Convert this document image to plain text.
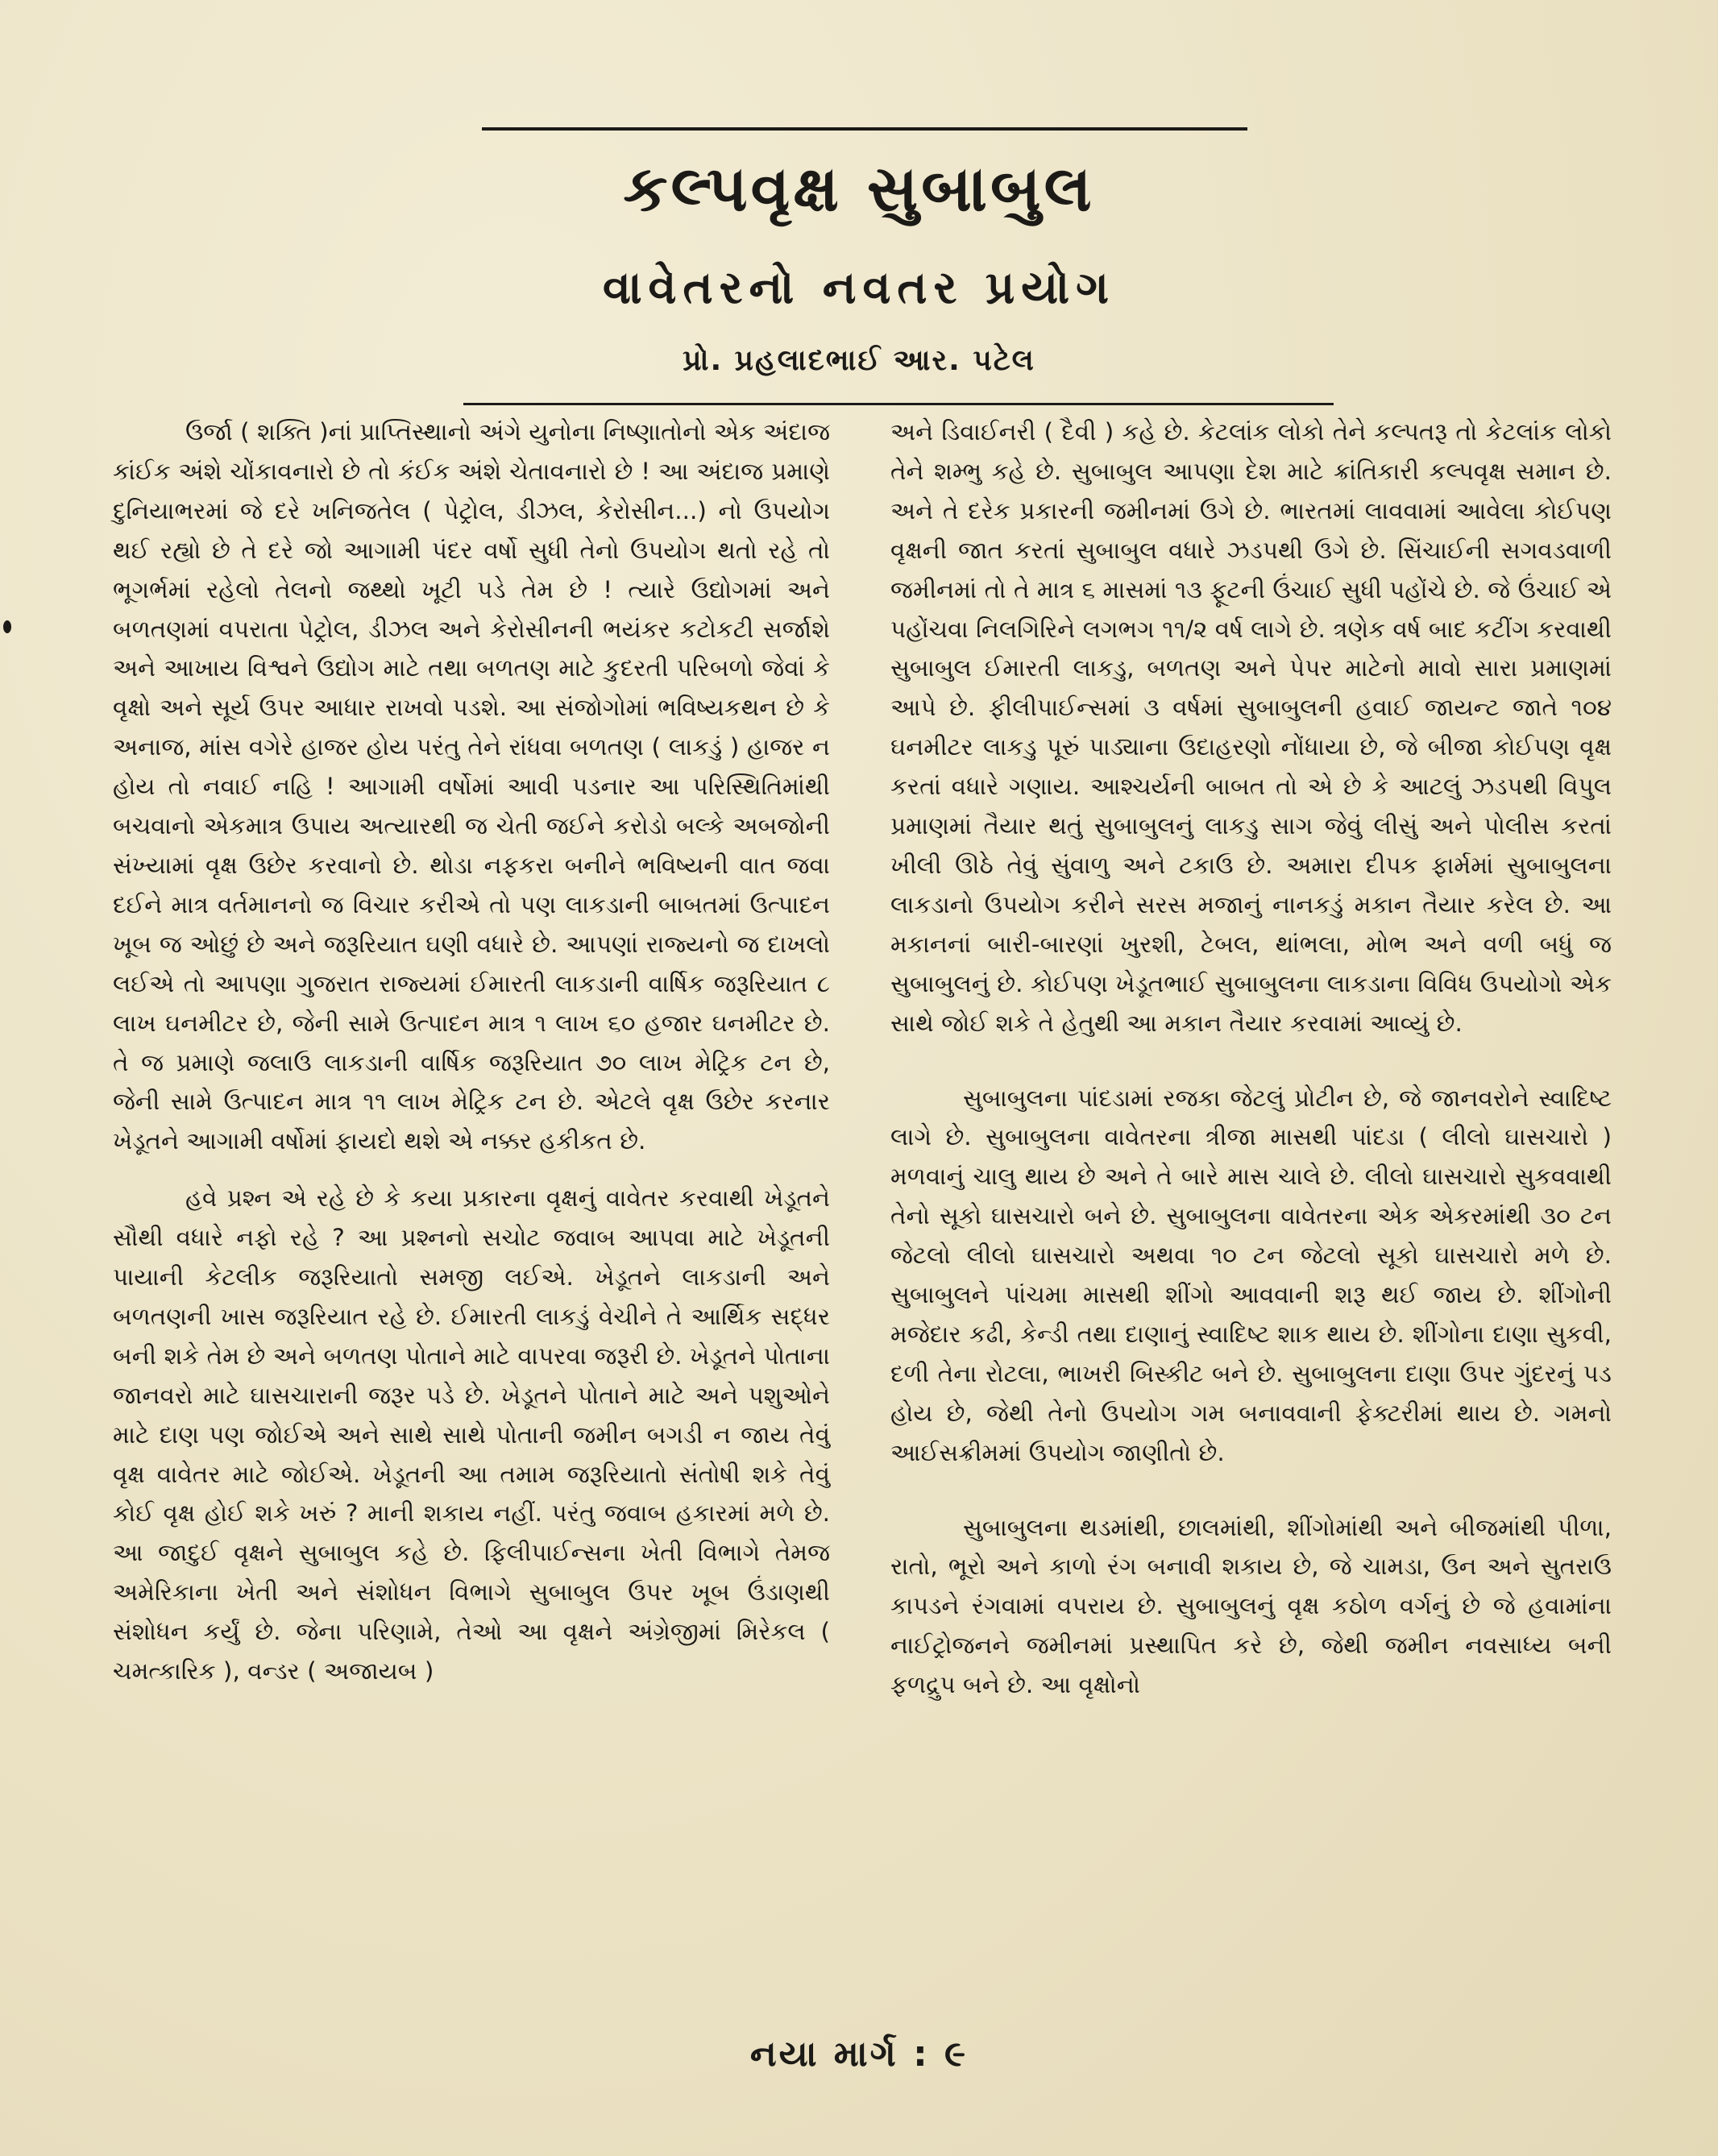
કલ્પવૃક્ષ સુબાબુલ
વાવેતરનો નવતર પ્રયોગ
પ્રો. પ્રહલાદભાઈ આર. પટેલ

ઉર્જા ( શક્તિ )નાં પ્રાપ્તિસ્થાનો અંગે યુનોના નિષ્ણાતોનો એક અંદાજ કાંઈક અંશે ચોંકાવનારો છે તો કંઈક અંશે ચેતાવનારો છે ! આ અંદાજ પ્રમાણે દુનિયાભરમાં જે દરે ખનિજતેલ ( પેટ્રોલ, ડીઝલ, કેરોસીન...) નો ઉપયોગ થઈ રહ્યો છે તે દરે જો આગામી પંદર વર્ષો સુધી તેનો ઉપયોગ થતો રહે તો ભૂગર્ભમાં રહેલો તેલનો જથ્થો ખૂટી પડે તેમ છે ! ત્યારે ઉદ્યોગમાં અને બળતણમાં વપરાતા પેટ્રોલ, ડીઝલ અને કેરોસીનની ભયંકર કટોકટી સર્જાશે અને આખાય વિશ્વને ઉદ્યોગ માટે તથા બળતણ માટે કુદરતી પરિબળો જેવાં કે વૃક્ષો અને સૂર્ય ઉપર આધાર રાખવો પડશે. આ સંજોગોમાં ભવિષ્યકથન છે કે અનાજ, માંસ વગેરે હાજર હોય પરંતુ તેને રાંધવા બળતણ ( લાકડું ) હાજર ન હોય તો નવાઈ નહિ ! આગામી વર્ષોમાં આવી પડનાર આ પરિસ્થિતિમાંથી બચવાનો એકમાત્ર ઉપાય અત્યારથી જ ચેતી જઈને કરોડો બલ્કે અબજોની સંખ્યામાં વૃક્ષ ઉછેર કરવાનો છે. થોડા નફકરા બનીને ભવિષ્યની વાત જવા દઈને માત્ર વર્તમાનનો જ વિચાર કરીએ તો પણ લાકડાની બાબતમાં ઉત્પાદન ખૂબ જ ઓછું છે અને જરૂરિયાત ઘણી વધારે છે. આપણાં રાજ્યનો જ દાખલો લઈએ તો આપણા ગુજરાત રાજ્યમાં ઈમારતી લાકડાની વાર્ષિક જરૂરિયાત ૮ લાખ ઘનમીટર છે, જેની સામે ઉત્પાદન માત્ર ૧ લાખ ૬૦ હજાર ઘનમીટર છે. તે જ પ્રમાણે જલાઉ લાકડાની વાર્ષિક જરૂરિયાત ૭૦ લાખ મેટ્રિક ટન છે, જેની સામે ઉત્પાદન માત્ર ૧૧ લાખ મેટ્રિક ટન છે. એટલે વૃક્ષ ઉછેર કરનાર ખેડૂતને આગામી વર્ષોમાં ફાયદો થશે એ નક્કર હકીકત છે.

હવે પ્રશ્ન એ રહે છે કે કયા પ્રકારના વૃક્ષનું વાવેતર કરવાથી ખેડૂતને સૌથી વધારે નફો રહે ? આ પ્રશ્નનો સચોટ જવાબ આપવા માટે ખેડૂતની પાયાની કેટલીક જરૂરિયાતો સમજી લઈએ. ખેડૂતને લાકડાની અને બળતણની ખાસ જરૂરિયાત રહે છે. ઈમારતી લાકડું વેચીને તે આર્થિક સદ્ધર બની શકે તેમ છે અને બળતણ પોતાને માટે વાપરવા જરૂરી છે. ખેડૂતને પોતાના જાનવરો માટે ઘાસચારાની જરૂર પડે છે. ખેડૂતને પોતાને માટે અને પશુઓને માટે દાણ પણ જોઈએ અને સાથે સાથે પોતાની જમીન બગડી ન જાય તેવું વૃક્ષ વાવેતર માટે જોઈએ. ખેડૂતની આ તમામ જરૂરિયાતો સંતોષી શકે તેવું કોઈ વૃક્ષ હોઈ શકે ખરું ? માની શકાય નહીં. પરંતુ જવાબ હકારમાં મળે છે. આ જાદુઈ વૃક્ષને સુબાબુલ કહે છે. ફિલીપાઈન્સના ખેતી વિભાગે તેમજ અમેરિકાના ખેતી અને સંશોધન વિભાગે સુબાબુલ ઉપર ખૂબ ઉંડાણથી સંશોધન કર્યું છે. જેના પરિણામે, તેઓ આ વૃક્ષને અંગ્રેજીમાં મિરેકલ ( ચમત્કારિક ), વન્ડર ( અજાયબ )

અને ડિવાઈનરી ( દૈવી ) કહે છે. કેટલાંક લોકો તેને કલ્પતરૂ તો કેટલાંક લોકો તેને શમ્ભુ કહે છે. સુબાબુલ આપણા દેશ માટે ક્રાંતિકારી કલ્પવૃક્ષ સમાન છે. અને તે દરેક પ્રકારની જમીનમાં ઉગે છે. ભારતમાં લાવવામાં આવેલા કોઈપણ વૃક્ષની જાત કરતાં સુબાબુલ વધારે ઝડપથી ઉગે છે. સિંચાઈની સગવડવાળી જમીનમાં તો તે માત્ર ૬ માસમાં ૧૩ ફૂટની ઉંચાઈ સુધી પહોંચે છે. જે ઉંચાઈ એ પહોંચવા નિલગિરિને લગભગ ૧૧/૨ વર્ષ લાગે છે. ત્રણેક વર્ષ બાદ કટીંગ કરવાથી સુબાબુલ ઈમારતી લાકડુ, બળતણ અને પેપર માટેનો માવો સારા પ્રમાણમાં આપે છે. ફીલીપાઈન્સમાં ૩ વર્ષમાં સુબાબુલની હવાઈ જાયન્ટ જાતે ૧૦૪ ઘનમીટર લાકડુ પૂરું પાડ્યાના ઉદાહરણો નોંધાયા છે, જે બીજા કોઈપણ વૃક્ષ કરતાં વધારે ગણાય. આશ્ચર્યની બાબત તો એ છે કે આટલું ઝડપથી વિપુલ પ્રમાણમાં તૈયાર થતું સુબાબુલનું લાકડુ સાગ જેવું લીસું અને પોલીસ કરતાં ખીલી ઊઠે તેવું સુંવાળુ અને ટકાઉ છે. અમારા દીપક ફાર્મમાં સુબાબુલના લાકડાનો ઉપયોગ કરીને સરસ મજાનું નાનકડું મકાન તૈયાર કરેલ છે. આ મકાનનાં બારી-બારણાં ખુરશી, ટેબલ, થાંભલા, મોભ અને વળી બધું જ સુબાબુલનું છે. કોઈપણ ખેડૂતભાઈ સુબાબુલના લાકડાના વિવિધ ઉપયોગો એક સાથે જોઈ શકે તે હેતુથી આ મકાન તૈયાર કરવામાં આવ્યું છે.

સુબાબુલના પાંદડામાં રજકા જેટલું પ્રોટીન છે, જે જાનવરોને સ્વાદિષ્ટ લાગે છે. સુબાબુલના વાવેતરના ત્રીજા માસથી પાંદડા ( લીલો ઘાસચારો ) મળવાનું ચાલુ થાય છે અને તે બારે માસ ચાલે છે. લીલો ઘાસચારો સુકવવાથી તેનો સૂકો ઘાસચારો બને છે. સુબાબુલના વાવેતરના એક એકરમાંથી ૩૦ ટન જેટલો લીલો ઘાસચારો અથવા ૧૦ ટન જેટલો સૂકો ઘાસચારો મળે છે. સુબાબુલને પાંચમા માસથી શીંગો આવવાની શરૂ થઈ જાય છે. શીંગોની મજેદાર કઢી, કેન્ડી તથા દાણાનું સ્વાદિષ્ટ શાક થાય છે. શીંગોના દાણા સુકવી, દળી તેના રોટલા, ભાખરી બિસ્કીટ બને છે. સુબાબુલના દાણા ઉપર ગુંદરનું પડ હોય છે, જેથી તેનો ઉપયોગ ગમ બનાવવાની ફેક્ટરીમાં થાય છે. ગમનો આઈસક્રીમમાં ઉપયોગ જાણીતો છે.

સુબાબુલના થડમાંથી, છાલમાંથી, શીંગોમાંથી અને બીજમાંથી પીળા, રાતો, ભૂરો અને કાળો રંગ બનાવી શકાય છે, જે ચામડા, ઉન અને સુતરાઉ કાપડને રંગવામાં વપરાય છે. સુબાબુલનું વૃક્ષ કઠોળ વર્ગનું છે જે હવામાંના નાઈટ્રોજનને જમીનમાં પ્રસ્થાપિત કરે છે, જેથી જમીન નવસાધ્ય બની ફળદ્રુપ બને છે. આ વૃક્ષોનો

નયા માર્ગ : ૯
